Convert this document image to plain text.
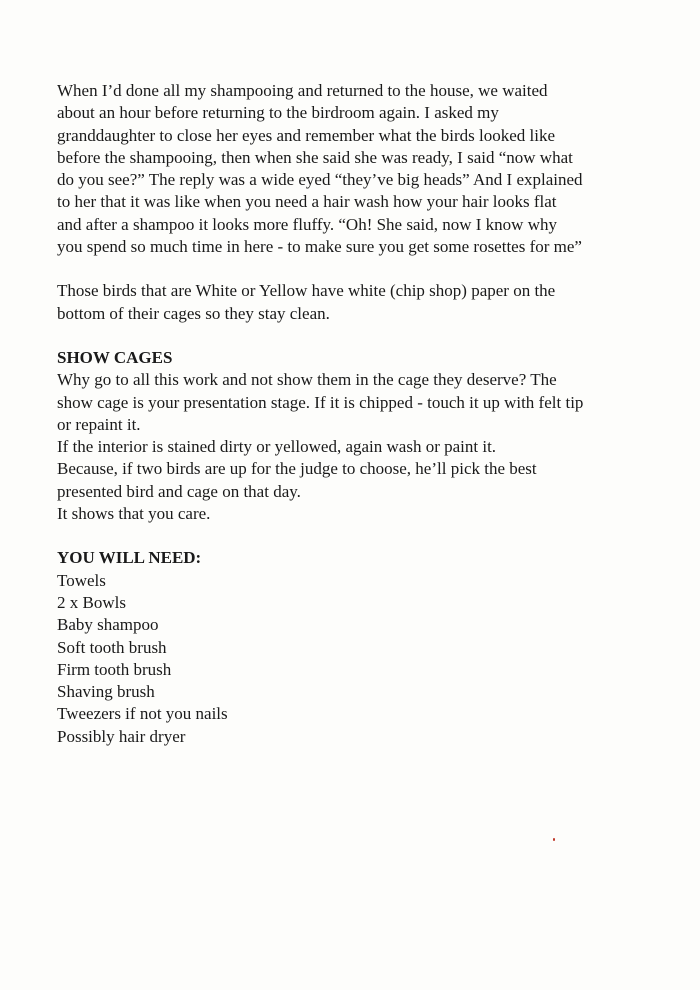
When I’d done all my shampooing and returned to the house, we waited
about an hour before returning to the birdroom again. I asked my
granddaughter to close her eyes and remember what the birds looked like
before the shampooing, then when she said she was ready, I said “now what
do you see?” The reply was a wide eyed “they’ve big heads” And I explained
to her that it was like when you need a hair wash how your hair looks flat
and after a shampoo it looks more fluffy. “Oh! She said, now I know why
you spend so much time in here - to make sure you get some rosettes for me”
Those birds that are White or Yellow have white (chip shop) paper on the
bottom of their cages so they stay clean.
SHOW CAGES
Why go to all this work and not show them in the cage they deserve? The
show cage is your presentation stage. If it is chipped - touch it up with felt tip
or repaint it.
If the interior is stained dirty or yellowed, again wash or paint it.
Because, if two birds are up for the judge to choose, he’ll pick the best
presented bird and cage on that day.
It shows that you care.
YOU WILL NEED:
Towels
2 x Bowls
Baby shampoo
Soft tooth brush
Firm tooth brush
Shaving brush
Tweezers if not you nails
Possibly hair dryer
